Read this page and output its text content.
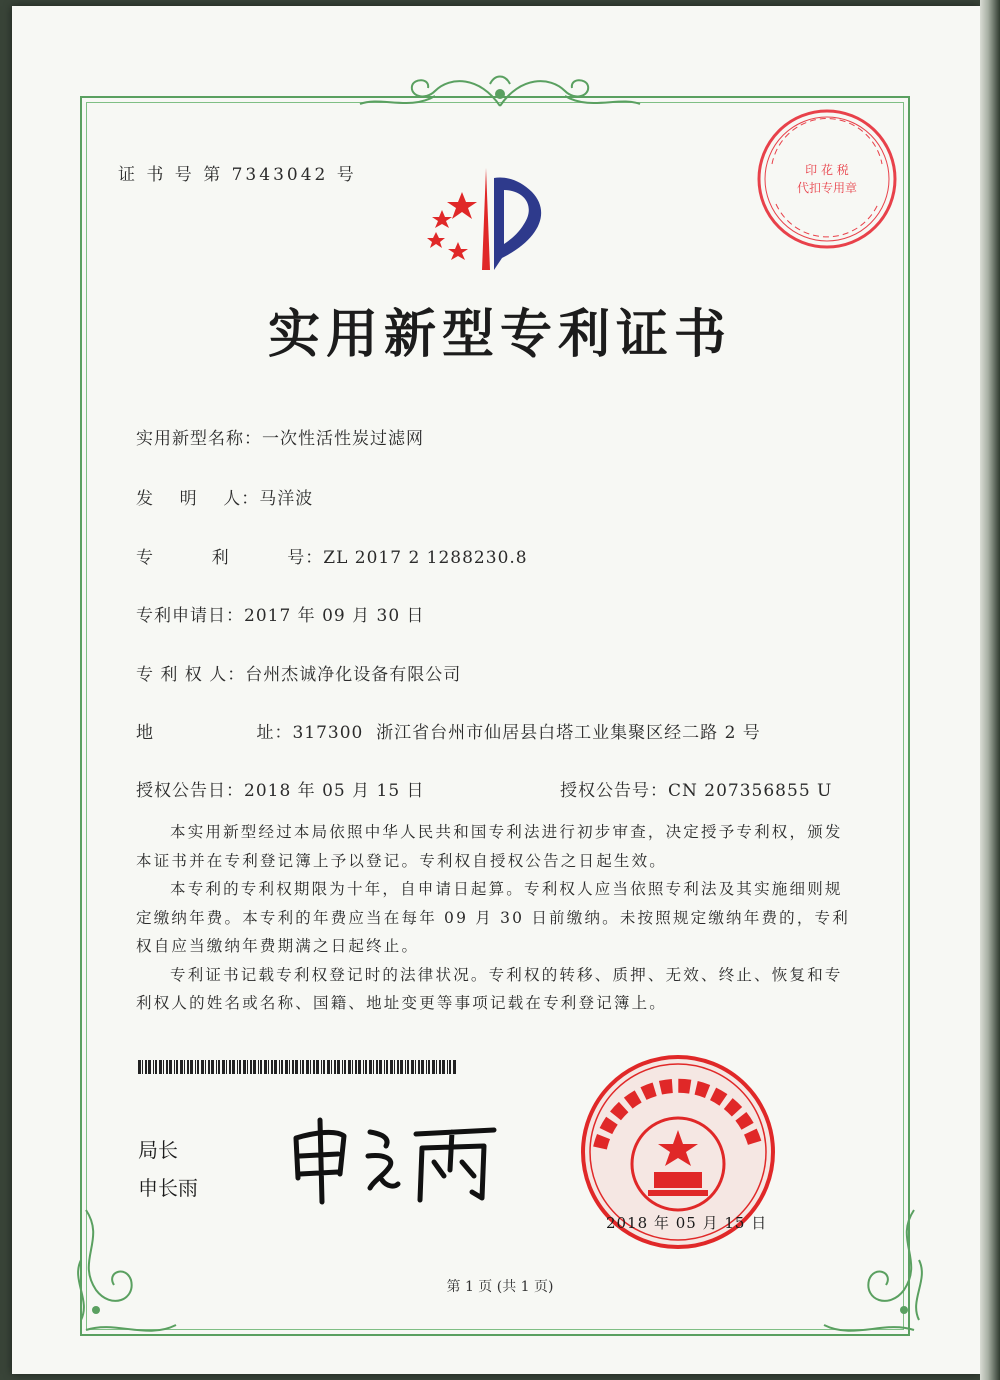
证 书 号 第 7343042 号	印 花 税
代扣专用章
实用新型专利证书
实用新型名称：一次性活性炭过滤网
发    明    人：马洋波
专         利         号：ZL 2017 2 1288230.8
专利申请日：2017 年 09 月 30 日
专 利 权 人：台州杰诚净化设备有限公司
地                址：317300  浙江省台州市仙居县白塔工业集聚区经二路 2 号
授权公告日：2018 年 05 月 15 日	授权公告号：CN 207356855 U

本实用新型经过本局依照中华人民共和国专利法进行初步审查，决定授予专利权，颁发本证书并在专利登记簿上予以登记。专利权自授权公告之日起生效。

本专利的专利权期限为十年，自申请日起算。专利权人应当依照专利法及其实施细则规定缴纳年费。本专利的年费应当在每年 09 月 30 日前缴纳。未按照规定缴纳年费的，专利权自应当缴纳年费期满之日起终止。

专利证书记载专利权登记时的法律状况。专利权的转移、质押、无效、终止、恢复和专利权人的姓名或名称、国籍、地址变更等事项记载在专利登记簿上。

局长
申长雨
2018 年 05 月 15 日
第 1 页 (共 1 页)
